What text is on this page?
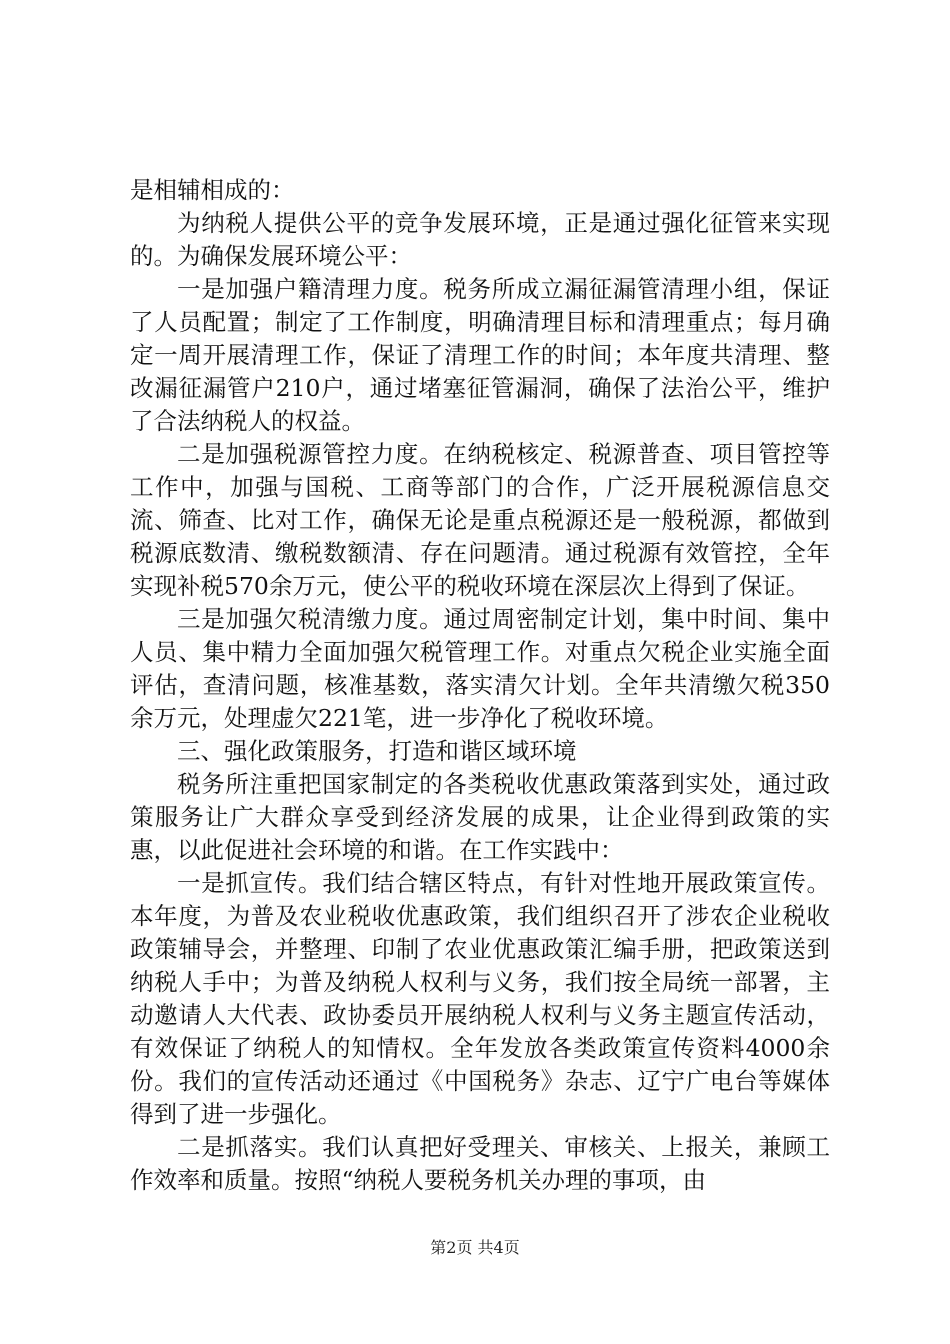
是相辅相成的：

为纳税人提供公平的竞争发展环境，正是通过强化征管来实现的。为确保发展环境公平：

一是加强户籍清理力度。税务所成立漏征漏管清理小组，保证了人员配置；制定了工作制度，明确清理目标和清理重点；每月确定一周开展清理工作，保证了清理工作的时间；本年度共清理、整改漏征漏管户210户，通过堵塞征管漏洞，确保了法治公平，维护了合法纳税人的权益。

二是加强税源管控力度。在纳税核定、税源普查、项目管控等工作中，加强与国税、工商等部门的合作，广泛开展税源信息交流、筛查、比对工作，确保无论是重点税源还是一般税源，都做到税源底数清、缴税数额清、存在问题清。通过税源有效管控，全年实现补税570余万元，使公平的税收环境在深层次上得到了保证。

三是加强欠税清缴力度。通过周密制定计划，集中时间、集中人员、集中精力全面加强欠税管理工作。对重点欠税企业实施全面评估，查清问题，核准基数，落实清欠计划。全年共清缴欠税350余万元，处理虚欠221笔，进一步净化了税收环境。

三、强化政策服务，打造和谐区域环境

税务所注重把国家制定的各类税收优惠政策落到实处，通过政策服务让广大群众享受到经济发展的成果，让企业得到政策的实惠，以此促进社会环境的和谐。在工作实践中：

一是抓宣传。我们结合辖区特点，有针对性地开展政策宣传。本年度，为普及农业税收优惠政策，我们组织召开了涉农企业税收政策辅导会，并整理、印制了农业优惠政策汇编手册，把政策送到纳税人手中；为普及纳税人权利与义务，我们按全局统一部署，主动邀请人大代表、政协委员开展纳税人权利与义务主题宣传活动，有效保证了纳税人的知情权。全年发放各类政策宣传资料4000余份。我们的宣传活动还通过《中国税务》杂志、辽宁广电台等媒体得到了进一步强化。

二是抓落实。我们认真把好受理关、审核关、上报关，兼顾工作效率和质量。按照“纳税人要税务机关办理的事项，由

第2页 共4页
